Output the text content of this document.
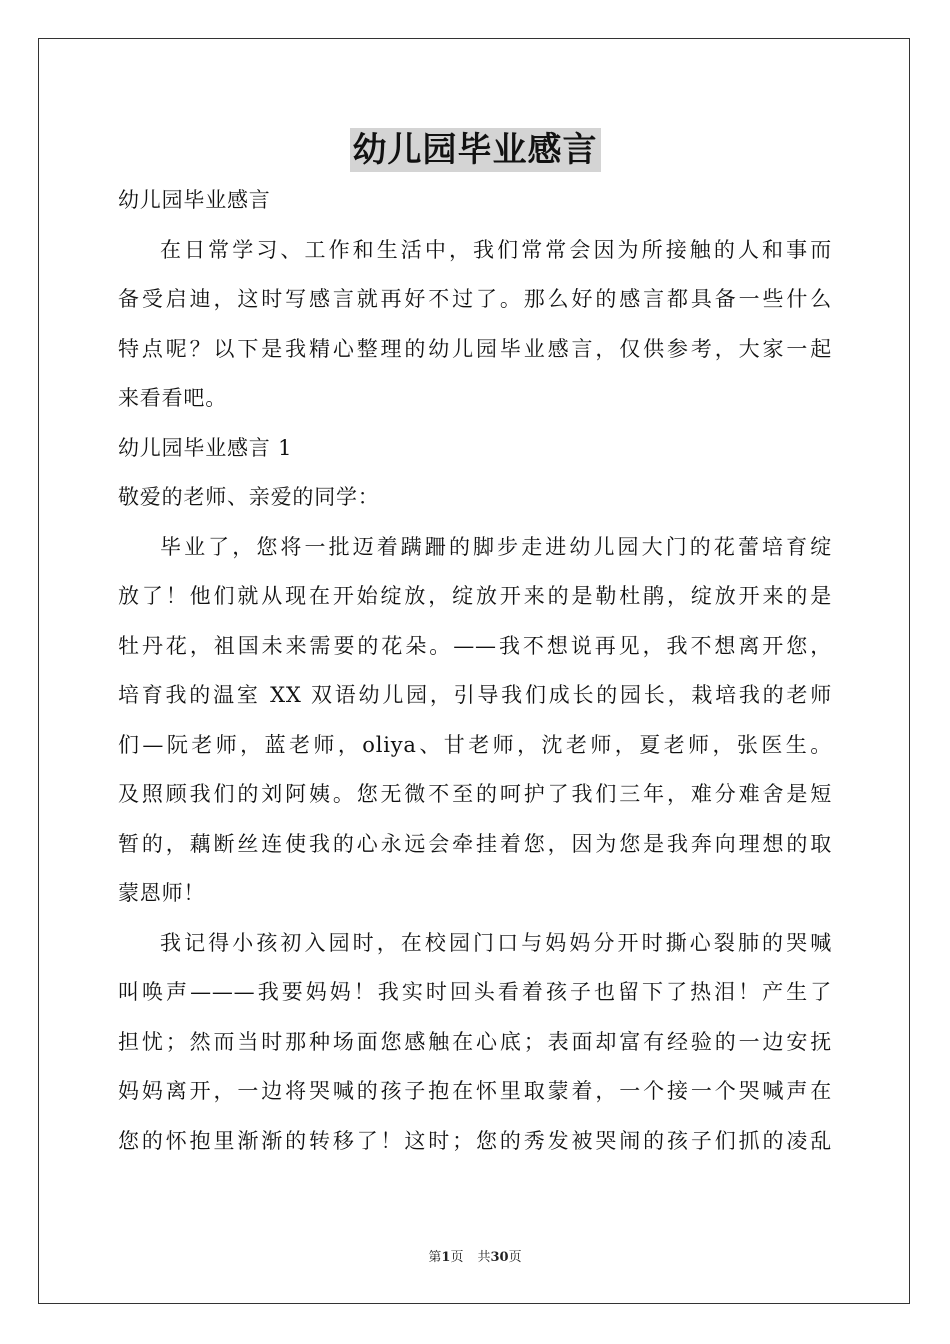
幼儿园毕业感言

幼儿园毕业感言

在日常学习、工作和生活中，我们常常会因为所接触的人和事而

备受启迪，这时写感言就再好不过了。那么好的感言都具备一些什么

特点呢？以下是我精心整理的幼儿园毕业感言，仅供参考，大家一起

来看看吧。

幼儿园毕业感言 1

敬爱的老师、亲爱的同学：

毕业了，您将一批迈着蹒跚的脚步走进幼儿园大门的花蕾培育绽

放了！他们就从现在开始绽放，绽放开来的是勒杜鹃，绽放开来的是

牡丹花，祖国未来需要的花朵。——我不想说再见，我不想离开您，

培育我的温室 XX 双语幼儿园，引导我们成长的园长，栽培我的老师

们—阮老师，蓝老师，oliya、甘老师，沈老师，夏老师，张医生。

及照顾我们的刘阿姨。您无微不至的呵护了我们三年，难分难舍是短

暂的，藕断丝连使我的心永远会牵挂着您，因为您是我奔向理想的取

蒙恩师！

我记得小孩初入园时，在校园门口与妈妈分开时撕心裂肺的哭喊

叫唤声———我要妈妈！我实时回头看着孩子也留下了热泪！产生了

担忧；然而当时那种场面您感触在心底；表面却富有经验的一边安抚

妈妈离开，一边将哭喊的孩子抱在怀里取蒙着，一个接一个哭喊声在

您的怀抱里渐渐的转移了！这时；您的秀发被哭闹的孩子们抓的凌乱

第1页 共30页
